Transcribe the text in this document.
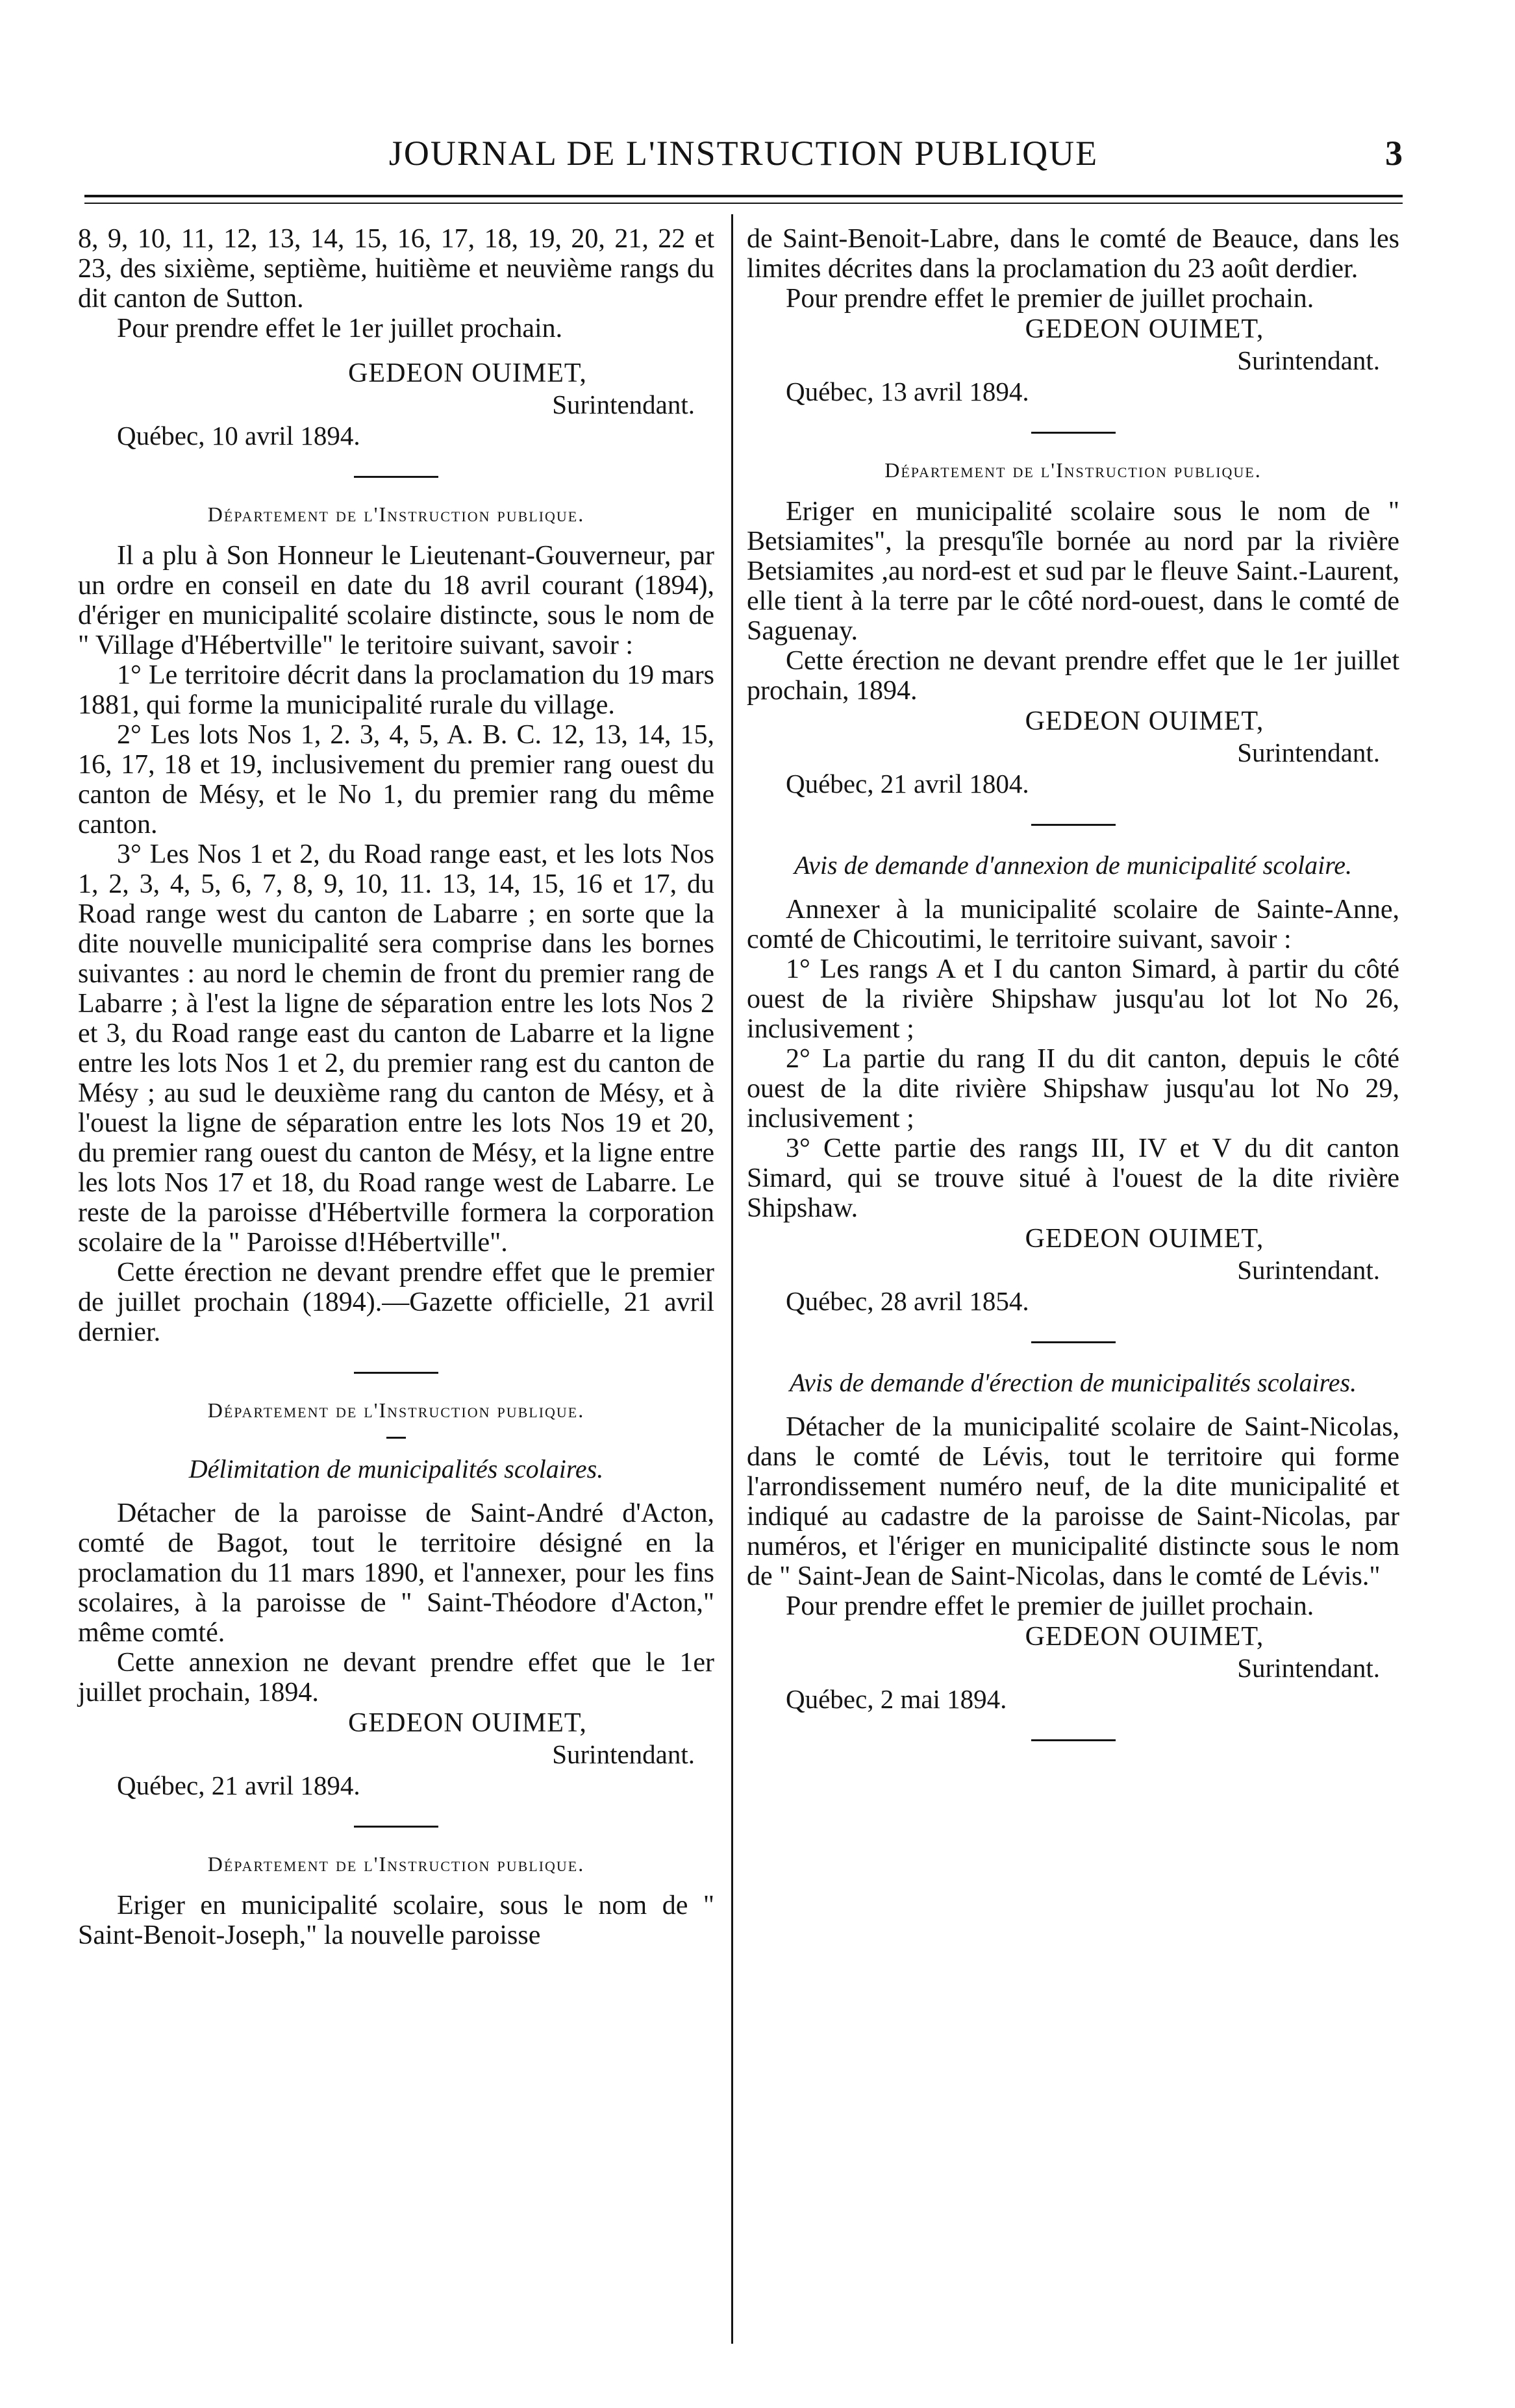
JOURNAL DE L'INSTRUCTION PUBLIQUE	3

8, 9, 10, 11, 12, 13, 14, 15, 16, 17, 18, 19, 20, 21, 22 et 23, des sixième, septième, huitième et neuvième rangs du dit canton de Sutton.

Pour prendre effet le 1er juillet prochain.

GEDEON OUIMET,
Surintendant.
Québec, 10 avril 1894.
Département de l'Instruction publique.

Il a plu à Son Honneur le Lieutenant-Gouverneur, par un ordre en conseil en date du 18 avril courant (1894), d'ériger en municipalité scolaire distincte, sous le nom de " Village d'Hébertville" le teritoire suivant, savoir :

1° Le territoire décrit dans la proclamation du 19 mars 1881, qui forme la municipalité rurale du village.

2° Les lots Nos 1, 2. 3, 4, 5, A. B. C. 12, 13, 14, 15, 16, 17, 18 et 19, inclusivement du premier rang ouest du canton de Mésy, et le No 1, du premier rang du même canton.

3° Les Nos 1 et 2, du Road range east, et les lots Nos 1, 2, 3, 4, 5, 6, 7, 8, 9, 10, 11. 13, 14, 15, 16 et 17, du Road range west du canton de Labarre ; en sorte que la dite nouvelle municipalité sera comprise dans les bornes suivantes : au nord le chemin de front du premier rang de Labarre ; à l'est la ligne de séparation entre les lots Nos 2 et 3, du Road range east du canton de Labarre et la ligne entre les lots Nos 1 et 2, du premier rang est du canton de Mésy ; au sud le deuxième rang du canton de Mésy, et à l'ouest la ligne de séparation entre les lots Nos 19 et 20, du premier rang ouest du canton de Mésy, et la ligne entre les lots Nos 17 et 18, du Road range west de Labarre. Le reste de la paroisse d'Hébertville formera la corporation scolaire de la " Paroisse d!Hébertville".

Cette érection ne devant prendre effet que le premier de juillet prochain (1894).—Gazette officielle, 21 avril dernier.

Département de l'Instruction publique.
Délimitation de municipalités scolaires.

Détacher de la paroisse de Saint-André d'Acton, comté de Bagot, tout le territoire désigné en la proclamation du 11 mars 1890, et l'annexer, pour les fins scolaires, à la paroisse de " Saint-Théodore d'Acton," même comté.

Cette annexion ne devant prendre effet que le 1er juillet prochain, 1894.

GEDEON OUIMET,
Surintendant.
Québec, 21 avril 1894.
Département de l'Instruction publique.

Eriger en municipalité scolaire, sous le nom de " Saint-Benoit-Joseph," la nouvelle paroisse

de Saint-Benoit-Labre, dans le comté de Beauce, dans les limites décrites dans la proclamation du 23 août derdier.

Pour prendre effet le premier de juillet prochain.

GEDEON OUIMET,
Surintendant.
Québec, 13 avril 1894.
Département de l'Instruction publique.

Eriger en municipalité scolaire sous le nom de " Betsiamites", la presqu'île bornée au nord par la rivière Betsiamites ,au nord-est et sud par le fleuve Saint.-Laurent, elle tient à la terre par le côté nord-ouest, dans le comté de Saguenay.

Cette érection ne devant prendre effet que le 1er juillet prochain, 1894.

GEDEON OUIMET,
Surintendant.
Québec, 21 avril 1804.
Avis de demande d'annexion de municipalité scolaire.

Annexer à la municipalité scolaire de Sainte-Anne, comté de Chicoutimi, le territoire suivant, savoir :

1° Les rangs A et I du canton Simard, à partir du côté ouest de la rivière Shipshaw jusqu'au lot lot No 26, inclusivement ;

2° La partie du rang II du dit canton, depuis le côté ouest de la dite rivière Shipshaw jusqu'au lot No 29, inclusivement ;

3° Cette partie des rangs III, IV et V du dit canton Simard, qui se trouve situé à l'ouest de la dite rivière Shipshaw.

GEDEON OUIMET,
Surintendant.
Québec, 28 avril 1854.
Avis de demande d'érection de municipalités scolaires.

Détacher de la municipalité scolaire de Saint-Nicolas, dans le comté de Lévis, tout le territoire qui forme l'arrondissement numéro neuf, de la dite municipalité et indiqué au cadastre de la paroisse de Saint-Nicolas, par numéros, et l'ériger en municipalité distincte sous le nom de " Saint-Jean de Saint-Nicolas, dans le comté de Lévis."

Pour prendre effet le premier de juillet prochain.

GEDEON OUIMET,
Surintendant.
Québec, 2 mai 1894.
